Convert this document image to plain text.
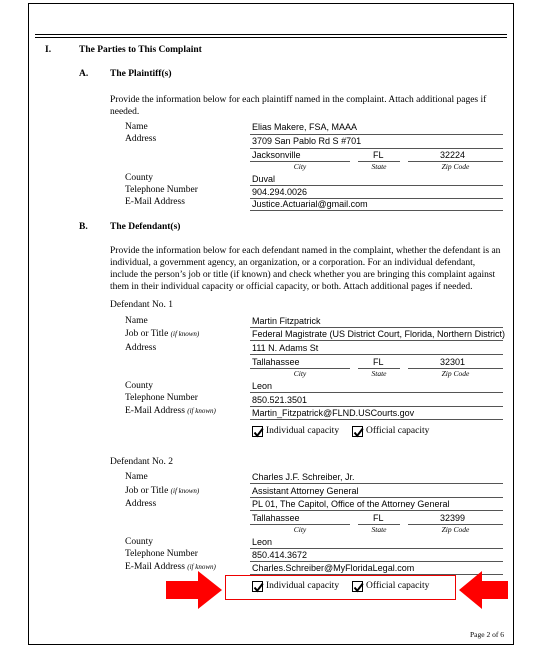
I.	The Parties to This Complaint
A. The Plaintiff(s)
Provide the information below for each plaintiff named in the complaint. Attach additional pages if
needed.
Name	Elias Makere, FSA, MAAA
Address	3709 San Pablo Rd S #701
Jacksonville	FL	32224
City	State	Zip Code
County	Duval
Telephone Number	904.294.0026
E-Mail Address	Justice.Actuarial@gmail.com
B. The Defendant(s)
Provide the information below for each defendant named in the complaint, whether the defendant is an
individual, a government agency, an organization, or a corporation. For an individual defendant,
include the person’s job or title (if known) and check whether you are bringing this complaint against
them in their individual capacity or official capacity, or both. Attach additional pages if needed.
Defendant No. 1
Name	Martin Fitzpatrick
Job or Title (if known)	Federal Magistrate (US District Court, Florida, Northern District)
Address	111 N. Adams St
Tallahassee	FL	32301
City	State	Zip Code
County	Leon
Telephone Number	850.521.3501
E-Mail Address (if known)	Martin_Fitzpatrick@FLND.USCourts.gov
Individual capacity	Official capacity
Defendant No. 2
Name	Charles J.F. Schreiber, Jr.
Job or Title (if known)	Assistant Attorney General
Address	PL 01, The Capitol, Office of the Attorney General
Tallahassee	FL	32399
City	State	Zip Code
County	Leon
Telephone Number	850.414.3672
E-Mail Address (if known)	Charles.Schreiber@MyFloridaLegal.com
Individual capacity	Official capacity
Page 2 of 6
